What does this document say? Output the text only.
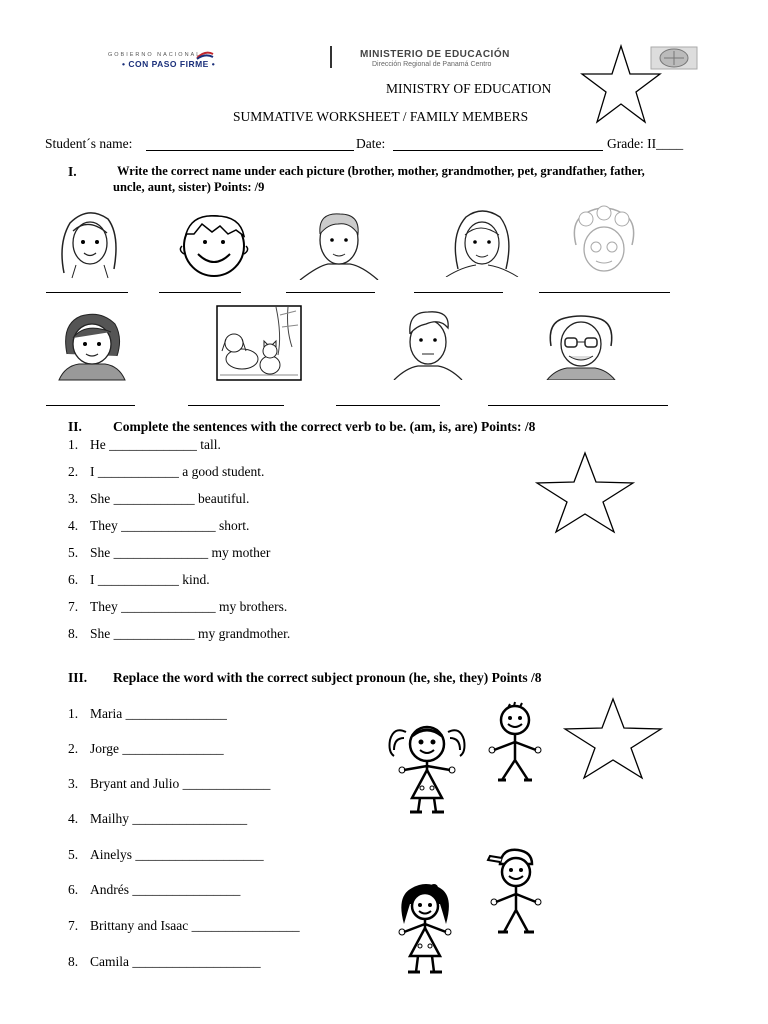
GOBIERNO NACIONAL
• CON PASO FIRME •
MINISTERIO DE EDUCACIÓN
Dirección Regional de Panamá Centro
MINISTRY OF EDUCATION
SUMMATIVE WORKSHEET / FAMILY MEMBERS
Student´s name:	Date:	Grade: II____
I.	Write the correct name under each picture (brother, mother, grandmother, pet, grandfather, father,
uncle, aunt, sister) Points: /9
II. Complete the sentences with the correct verb to be. (am, is, are) Points: /8
1. He _____________ tall.
2. I ____________ a good student.
3. She ____________ beautiful.
4. They ______________ short.
5. She ______________ my mother
6. I ____________ kind.
7. They ______________ my brothers.
8. She ____________ my grandmother.
III. Replace the word with the correct subject pronoun (he, she, they) Points /8
1. Maria _______________
2. Jorge _______________
3. Bryant and Julio _____________
4. Mailhy _________________
5. Ainelys ___________________
6. Andrés ________________
7. Brittany and Isaac ________________
8. Camila ___________________
